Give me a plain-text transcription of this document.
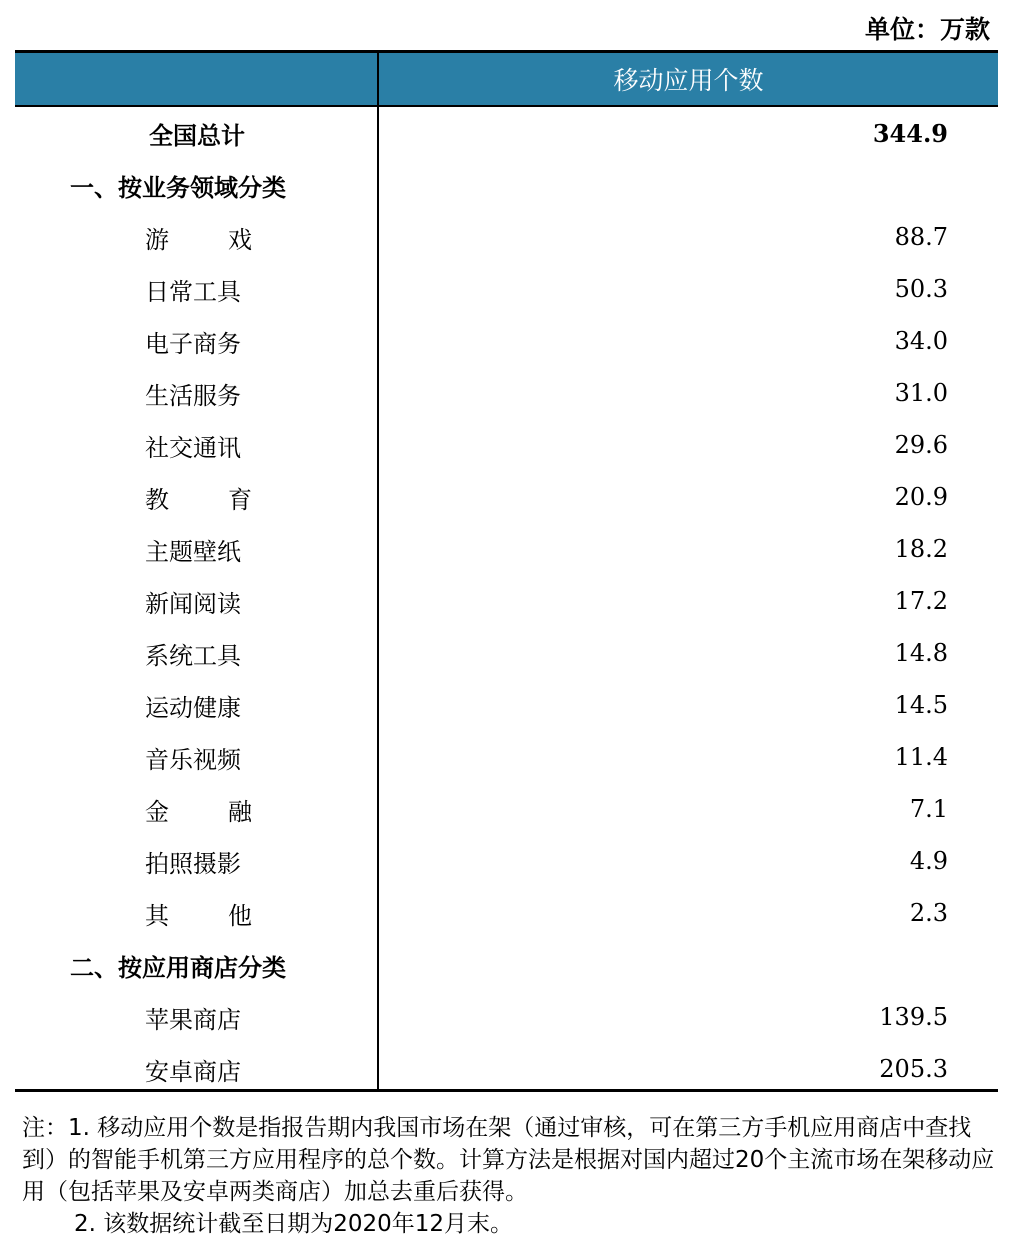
单位：万款
移动应用个数
全国总计	344.9
一、按业务领域分类
游 戏	88.7
日常工具	50.3
电子商务	34.0
生活服务	31.0
社交通讯	29.6
教 育	20.9
主题壁纸	18.2
新闻阅读	17.2
系统工具	14.8
运动健康	14.5
音乐视频	11.4
金 融	7.1
拍照摄影	4.9
其 他	2.3
二、按应用商店分类
苹果商店	139.5
安卓商店	205.3

注：1. 移动应用个数是指报告期内我国市场在架（通过审核，可在第三方手机应用商店中查找到）的智能手机第三方应用程序的总个数。计算方法是根据对国内超过20个主流市场在架移动应用（包括苹果及安卓两类商店）加总去重后获得。

2. 该数据统计截至日期为2020年12月末。
